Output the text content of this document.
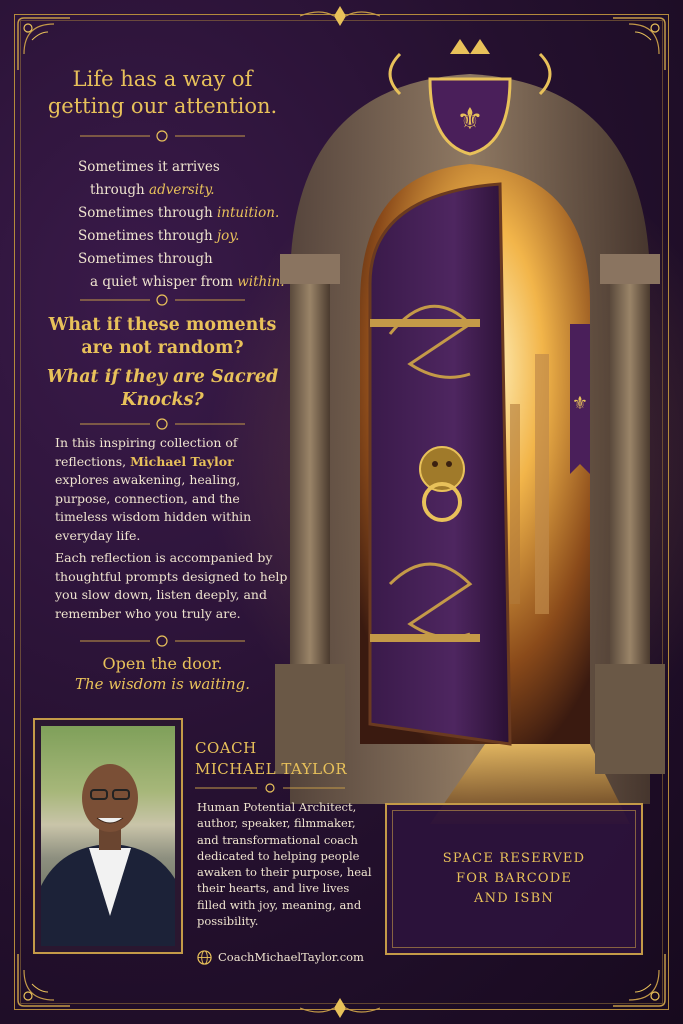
⚜
⚜
Life has a way of getting our attention.
Sometimes it arrives
through adversity.
Sometimes through intuition.
Sometimes through joy.
Sometimes through
a quiet whisper from within.
What if these moments are not random?
What if they are Sacred Knocks?

In this inspiring collection of reflections, Michael Taylor explores awakening, healing, purpose, connection, and the timeless wisdom hidden within everyday life.

Each reflection is accompanied by thoughtful prompts designed to help you slow down, listen deeply, and remember who you truly are.

Open the door.
The wisdom is waiting.
COACH
MICHAEL TAYLOR

Human Potential Architect, author, speaker, filmmaker, and transformational coach dedicated to helping people awaken to their purpose, heal their hearts, and live lives filled with joy, meaning, and possibility.

CoachMichaelTaylor.com
SPACE RESERVED
FOR BARCODE
AND ISBN
